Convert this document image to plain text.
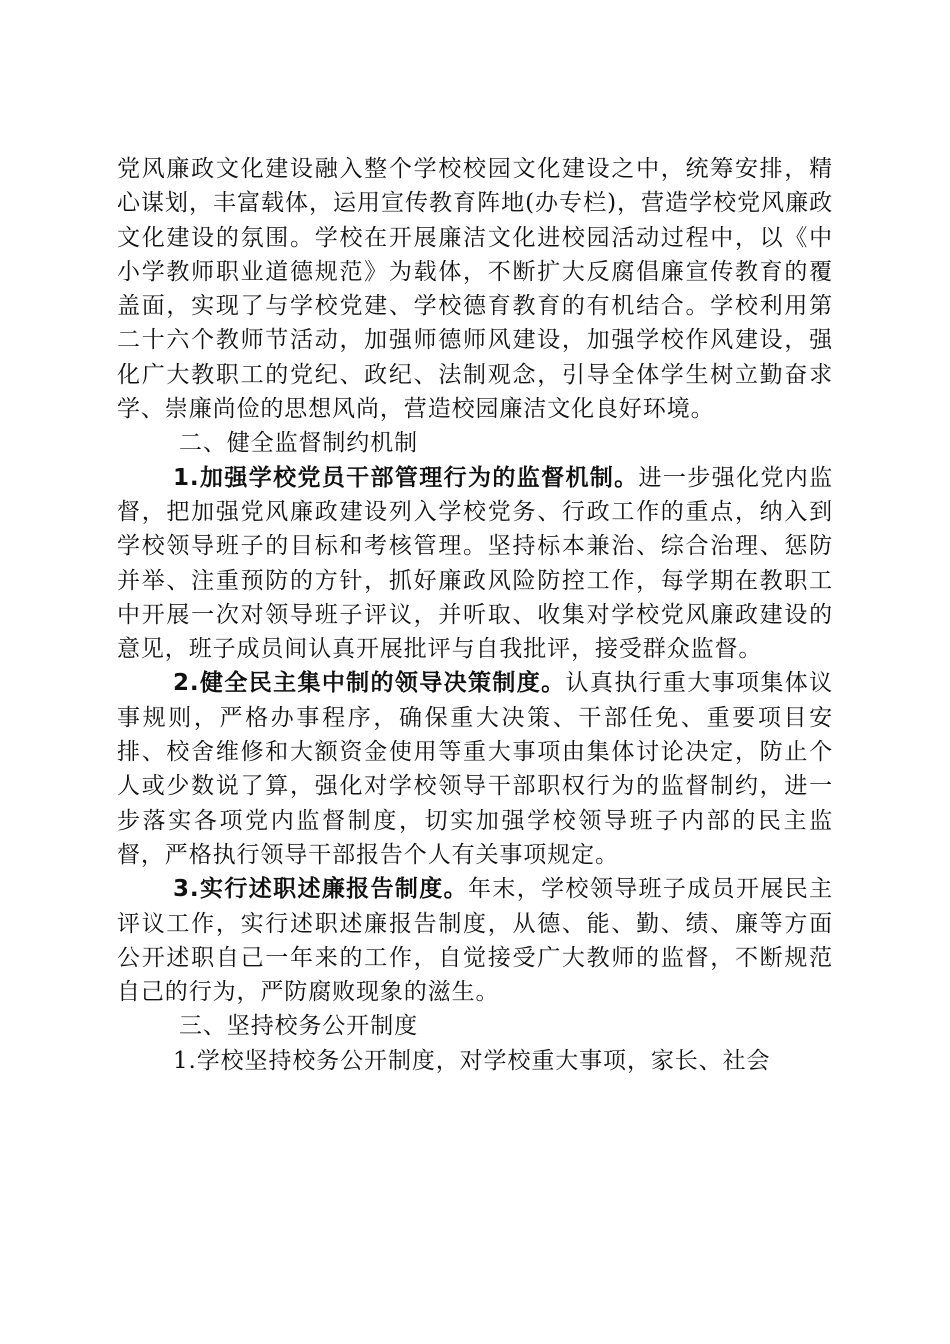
党风廉政文化建设融入整个学校校园文化建设之中，统筹安排，精心谋划，丰富载体，运用宣传教育阵地(办专栏)，营造学校党风廉政文化建设的氛围。学校在开展廉洁文化进校园活动过程中，以《中小学教师职业道德规范》为载体，不断扩大反腐倡廉宣传教育的覆盖面，实现了与学校党建、学校德育教育的有机结合。学校利用第二十六个教师节活动，加强师德师风建设，加强学校作风建设，强化广大教职工的党纪、政纪、法制观念，引导全体学生树立勤奋求学、崇廉尚俭的思想风尚，营造校园廉洁文化良好环境。

二、健全监督制约机制

1.加强学校党员干部管理行为的监督机制。进一步强化党内监督，把加强党风廉政建设列入学校党务、行政工作的重点，纳入到学校领导班子的目标和考核管理。坚持标本兼治、综合治理、惩防并举、注重预防的方针，抓好廉政风险防控工作，每学期在教职工中开展一次对领导班子评议，并听取、收集对学校党风廉政建设的意见，班子成员间认真开展批评与自我批评，接受群众监督。

2.健全民主集中制的领导决策制度。认真执行重大事项集体议事规则，严格办事程序，确保重大决策、干部任免、重要项目安排、校舍维修和大额资金使用等重大事项由集体讨论决定，防止个人或少数说了算，强化对学校领导干部职权行为的监督制约，进一步落实各项党内监督制度，切实加强学校领导班子内部的民主监督，严格执行领导干部报告个人有关事项规定。

3.实行述职述廉报告制度。年末，学校领导班子成员开展民主评议工作，实行述职述廉报告制度，从德、能、勤、绩、廉等方面公开述职自己一年来的工作，自觉接受广大教师的监督，不断规范自己的行为，严防腐败现象的滋生。

三、坚持校务公开制度

1.学校坚持校务公开制度，对学校重大事项，家长、社会
